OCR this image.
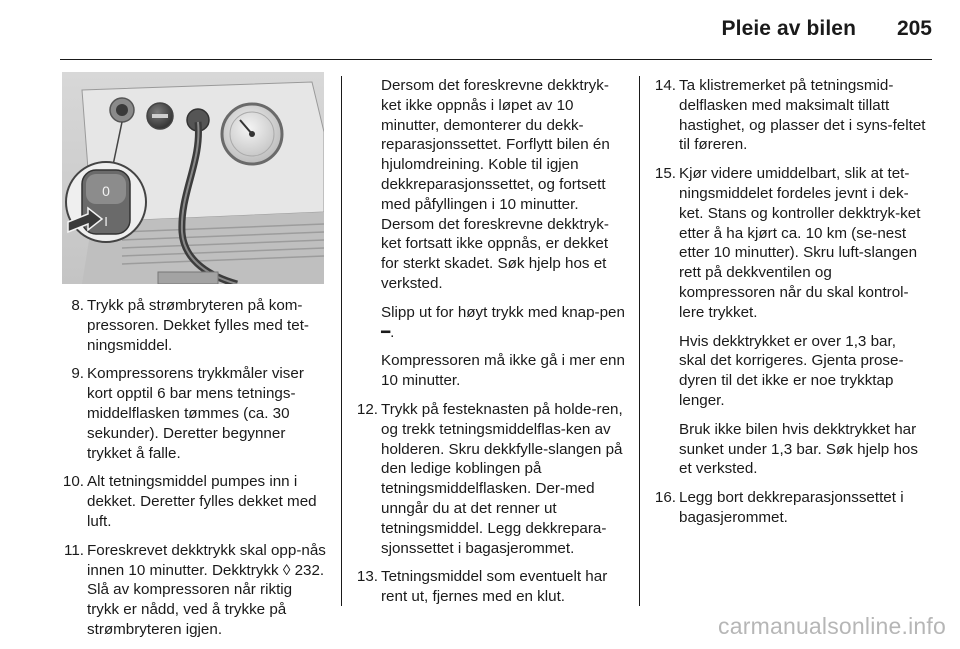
Pleie av bilen 205
0
I
8. Trykk på strømbryteren på kom-pressoren. Dekket fylles med tet-ningsmiddel.
9. Kompressorens trykkmåler viser kort opptil 6 bar mens tetnings-middelflasken tømmes (ca. 30 sekunder). Deretter begynner trykket å falle.
10. Alt tetningsmiddel pumpes inn i dekket. Deretter fylles dekket med luft.
11. Foreskrevet dekktrykk skal opp-nås innen 10 minutter. Dekktrykk ◊ 232. Slå av kompressoren når riktig trykk er nådd, ved å trykke på strømbryteren igjen.

Dersom det foreskrevne dekktryk-ket ikke oppnås i løpet av 10 minutter, demonterer du dekk-reparasjonssettet. Forflytt bilen én hjulomdreining. Koble til igjen dekkreparasjonssettet, og fortsett med påfyllingen i 10 minutter. Dersom det foreskrevne dekktryk-ket fortsatt ikke oppnås, er dekket for sterkt skadet. Søk hjelp hos et verksted.

Slipp ut for høyt trykk med knap-pen ━.

Kompressoren må ikke gå i mer enn 10 minutter.

12. Trykk på festeknasten på holde-ren, og trekk tetningsmiddelflas-ken av holderen. Skru dekkfylle-slangen på den ledige koblingen på tetningsmiddelflasken. Der-med unngår du at det renner ut tetningsmiddel. Legg dekkrepara-sjonssettet i bagasjerommet.
13. Tetningsmiddel som eventuelt har rent ut, fjernes med en klut.
14. Ta klistremerket på tetningsmid-delflasken med maksimalt tillatt hastighet, og plasser det i syns-feltet til føreren.
15. Kjør videre umiddelbart, slik at tet-ningsmiddelet fordeles jevnt i dek-ket. Stans og kontroller dekktryk-ket etter å ha kjørt ca. 10 km (se-nest etter 10 minutter). Skru luft-slangen rett på dekkventilen og kompressoren når du skal kontrol-lere trykket.

Hvis dekktrykket er over 1,3 bar, skal det korrigeres. Gjenta prose-dyren til det ikke er noe trykktap lenger.

Bruk ikke bilen hvis dekktrykket har sunket under 1,3 bar. Søk hjelp hos et verksted.

16. Legg bort dekkreparasjonssettet i bagasjerommet.
carmanualsonline.info
